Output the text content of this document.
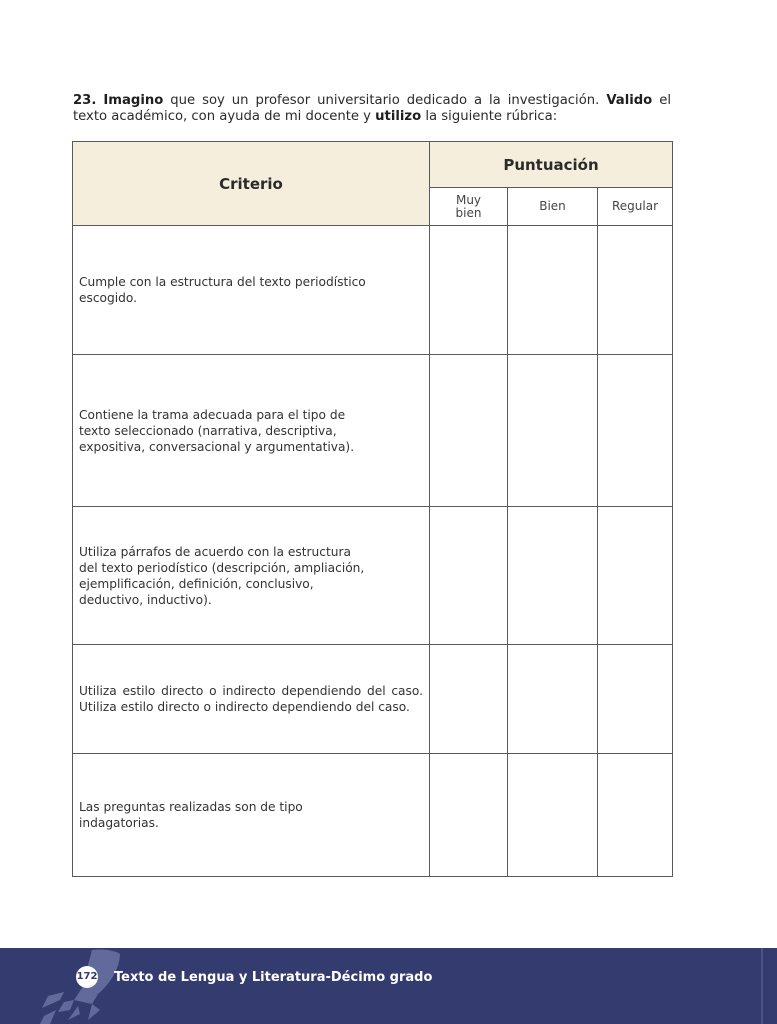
23. Imagino que soy un profesor universitario dedicado a la investigación. Valido el texto académico, con ayuda de mi docente y utilizo la siguiente rúbrica:
Criterio	Puntuación		

	Muy bien	Bien	Regular

Cumple con la estructura del texto periodístico escogido.			

Contiene la trama adecuada para el tipo de texto seleccionado (narrativa, descriptiva, expositiva, conversacional y argumentativa).			

Utiliza párrafos de acuerdo con la estructura del texto periodístico (descripción, ampliación, ejemplificación, definición, conclusivo, deductivo, inductivo).			

Utiliza estilo directo o indirecto dependiendo del caso. Utiliza estilo directo o indirecto dependiendo del caso.			

Las preguntas realizadas son de tipo indagatorias.			

172 Texto de Lengua y Literatura-Décimo grado
